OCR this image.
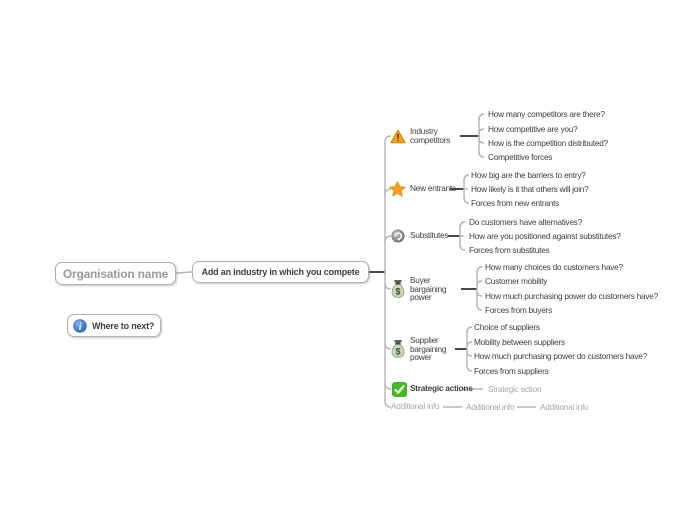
Organisation name	Add an industry in which you compete
i Where to next?
Industry competitors
How many competitors are there?
How competitive are you?
How is the competition distributed?
Competitive forces
New entrants
How big are the barriers to entry?
How likely is it that others will join?
Forces from new entrants
Substitutes
Do customers have alternatives?
How are you positioned against substitutes?
Forces from substitutes
$
Buyer bargaining power
How many choices do customers have?
Customer mobility
How much purchasing power do customers have?
Forces from buyers
$
Supplier bargaining power
Choice of suppliers
Mobility between suppliers
How much purchasing power do customers have?
Forces from suppliers
Strategic actions Strategic action
Additional info	Additional info	Additional info
